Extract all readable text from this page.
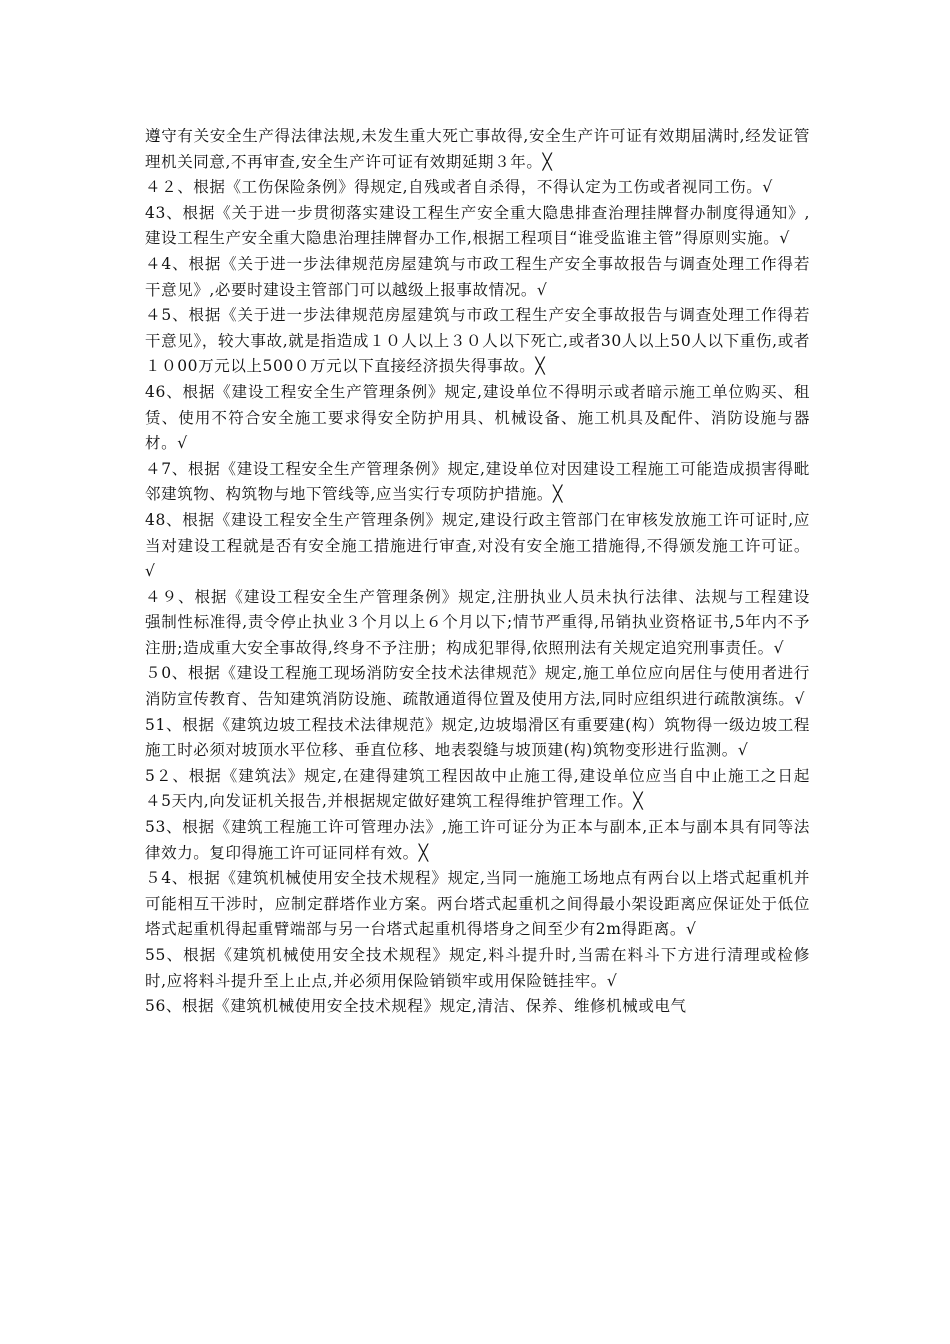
遵守有关安全生产得法律法规,未发生重大死亡事故得,安全生产许可证有效期届满时,经发证管理机关同意,不再审查,安全生产许可证有效期延期３年。╳

４２、根据《工伤保险条例》得规定,自残或者自杀得，不得认定为工伤或者视同工伤。√

43、根据《关于进一步贯彻落实建设工程生产安全重大隐患排查治理挂牌督办制度得通知》,建设工程生产安全重大隐患治理挂牌督办工作,根据工程项目“谁受监谁主管”得原则实施。√

４4、根据《关于进一步法律规范房屋建筑与市政工程生产安全事故报告与调查处理工作得若干意见》,必要时建设主管部门可以越级上报事故情况。√

４5、根据《关于进一步法律规范房屋建筑与市政工程生产安全事故报告与调查处理工作得若干意见》，较大事故,就是指造成１０人以上３０人以下死亡,或者30人以上50人以下重伤,或者１０00万元以上500０万元以下直接经济损失得事故。╳

46、根据《建设工程安全生产管理条例》规定,建设单位不得明示或者暗示施工单位购买、租赁、使用不符合安全施工要求得安全防护用具、机械设备、施工机具及配件、消防设施与器材。√

４7、根据《建设工程安全生产管理条例》规定,建设单位对因建设工程施工可能造成损害得毗邻建筑物、构筑物与地下管线等,应当实行专项防护措施。╳

48、根据《建设工程安全生产管理条例》规定,建设行政主管部门在审核发放施工许可证时,应当对建设工程就是否有安全施工措施进行审查,对没有安全施工措施得,不得颁发施工许可证。√

４９、根据《建设工程安全生产管理条例》规定,注册执业人员未执行法律、法规与工程建设强制性标准得,责令停止执业３个月以上６个月以下;情节严重得,吊销执业资格证书,5年内不予注册;造成重大安全事故得,终身不予注册；构成犯罪得,依照刑法有关规定追究刑事责任。√

５0、根据《建设工程施工现场消防安全技术法律规范》规定,施工单位应向居住与使用者进行消防宣传教育、告知建筑消防设施、疏散通道得位置及使用方法,同时应组织进行疏散演练。√

51、根据《建筑边坡工程技术法律规范》规定,边坡塌滑区有重要建(构）筑物得一级边坡工程施工时必须对坡顶水平位移、垂直位移、地表裂缝与坡顶建(构)筑物变形进行监测。√

5２、根据《建筑法》规定,在建得建筑工程因故中止施工得,建设单位应当自中止施工之日起４5天内,向发证机关报告,并根据规定做好建筑工程得维护管理工作。╳

53、根据《建筑工程施工许可管理办法》,施工许可证分为正本与副本,正本与副本具有同等法律效力。复印得施工许可证同样有效。╳

５4、根据《建筑机械使用安全技术规程》规定,当同一施施工场地点有两台以上塔式起重机并可能相互干涉时，应制定群塔作业方案。两台塔式起重机之间得最小架设距离应保证处于低位塔式起重机得起重臂端部与另一台塔式起重机得塔身之间至少有2m得距离。√

55、根据《建筑机械使用安全技术规程》规定,料斗提升时,当需在料斗下方进行清理或检修时,应将料斗提升至上止点,并必须用保险销锁牢或用保险链挂牢。√

56、根据《建筑机械使用安全技术规程》规定,清洁、保养、维修机械或电气
